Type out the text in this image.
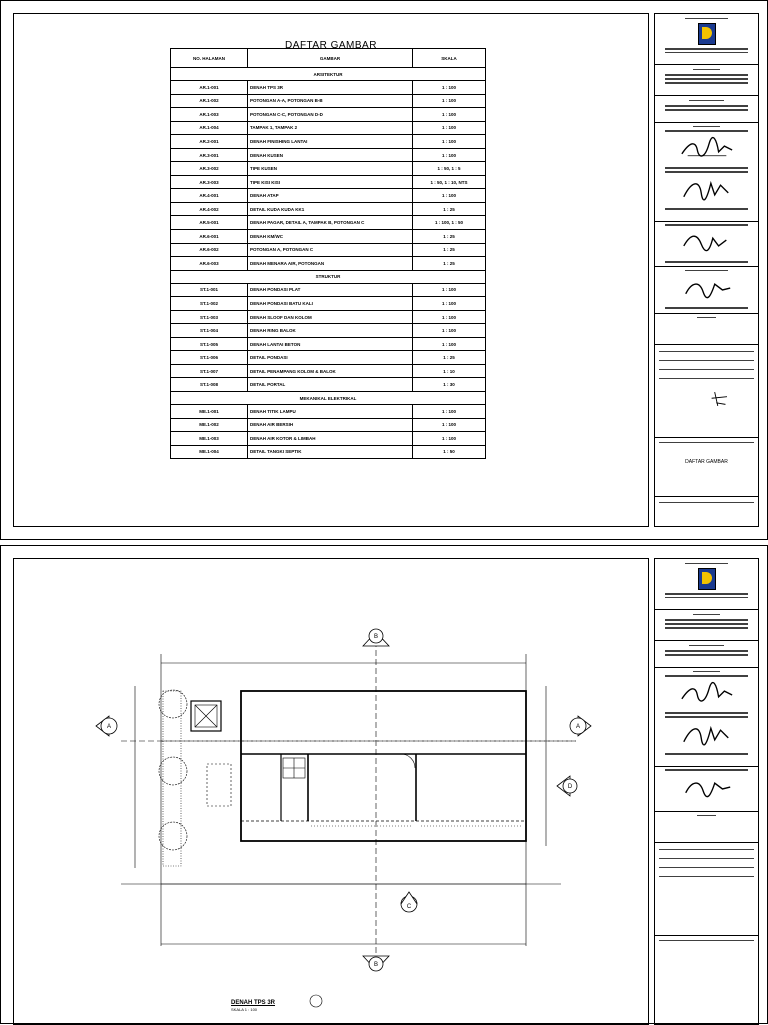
DAFTAR GAMBAR
NO. HALAMAN	GAMBAR	SKALA
ARSITEKTUR		
AR.1-001	DENAH TPS 3R	1 : 100
AR.1-002	POTONGAN A-A, POTONGAN B-B	1 : 100
AR.1-003	POTONGAN C-C, POTONGAN D-D	1 : 100
AR.1-004	TAMPAK 1, TAMPAK 2	1 : 100
AR.2-001	DENAH FINISHING LANTAI	1 : 100
AR.3-001	DENAH KUSEN	1 : 100
AR.3-002	TIPE KUSEN	1 : 50, 1 : 5
AR.3-003	TIPE KISI KISI	1 : 50, 1 : 10, NTS
AR.4-001	DENAH ATAP	1 : 100
AR.4-002	DETAIL KUDA KUDA KK1	1 : 25
AR.5-001	DENAH PAGAR, DETAIL A, TAMPAK B, POTONGAN C	1 : 100, 1 : 50
AR.6-001	DENAH KM/WC	1 : 25
AR.6-002	POTONGAN A, POTONGAN C	1 : 25
AR.6-003	DENAH MENARA AIR, POTONGAN	1 : 25
STRUKTUR		
ST.1-001	DENAH PONDASI PLAT	1 : 100
ST.1-002	DENAH PONDASI BATU KALI	1 : 100
ST.1-003	DENAH SLOOF DAN KOLOM	1 : 100
ST.1-004	DENAH RING BALOK	1 : 100
ST.1-005	DENAH LANTAI BETON	1 : 100
ST.1-006	DETAIL PONDASI	1 : 25
ST.1-007	DETAIL PENAMPANG KOLOM & BALOK	1 : 10
ST.1-008	DETAIL PORTAL	1 : 30
MEKANIKAL ELEKTRIKAL		
ME.1-001	DENAH TITIK LAMPU	1 : 100
ME.1-002	DENAH AIR BERSIH	1 : 100
ME.1-003	DENAH AIR KOTOR & LIMBAH	1 : 100
ME.1-004	DETAIL TANGKI SEPTIK	1 : 50
DAFTAR GAMBAR
A	A
B
B
C
D
DENAH TPS 3R
SKALA 1 : 100
